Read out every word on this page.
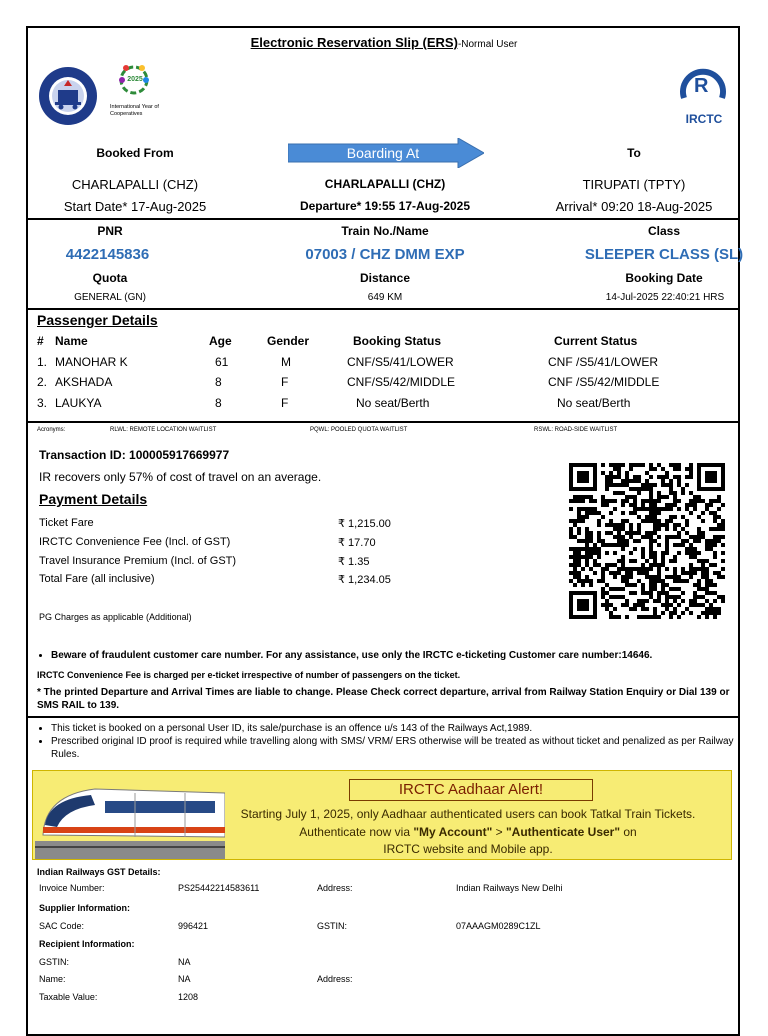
Electronic Reservation Slip (ERS)-Normal User
2025
International Year of Cooperatives
R
IRCTC
Booked From	Boarding At	To
CHARLAPALLI (CHZ)	CHARLAPALLI (CHZ)	TIRUPATI (TPTY)
Start Date* 17-Aug-2025	Departure* 19:55 17-Aug-2025	Arrival* 09:20 18-Aug-2025
PNR	Train No./Name	Class
4422145836	07003 / CHZ DMM EXP	SLEEPER CLASS (SL)
Quota	Distance	Booking Date
GENERAL (GN)	649 KM	14-Jul-2025 22:40:21 HRS
Passenger Details
# Name	Age	Gender	Booking Status	Current Status
1. MANOHAR K	61	M	CNF/S5/41/LOWER	CNF /S5/41/LOWER
2. AKSHADA	8	F	CNF/S5/42/MIDDLE	CNF /S5/42/MIDDLE
3. LAUKYA	8	F	No seat/Berth	No seat/Berth
Acronyms:	RLWL: REMOTE LOCATION WAITLIST	PQWL: POOLED QUOTA WAITLIST	RSWL: ROAD-SIDE WAITLIST
Transaction ID: 100005917669977
IR recovers only 57% of cost of travel on an average.
Payment Details
Ticket Fare	₹ 1,215.00
IRCTC Convenience Fee (Incl. of GST)	₹ 17.70
Travel Insurance Premium (Incl. of GST)	₹ 1.35
Total Fare (all inclusive)	₹ 1,234.05
PG Charges as applicable (Additional)
• Beware of fraudulent customer care number. For any assistance, use only the IRCTC e-ticketing Customer care number:14646.
IRCTC Convenience Fee is charged per e-ticket irrespective of number of passengers on the ticket.
* The printed Departure and Arrival Times are liable to change. Please Check correct departure, arrival from Railway Station Enquiry or Dial 139 or SMS RAIL to 139.
• This ticket is booked on a personal User ID, its sale/purchase is an offence u/s 143 of the Railways Act,1989.
• Prescribed original ID proof is required while travelling along with SMS/ VRM/ ERS otherwise will be treated as without ticket and penalized as per Railway Rules.
IRCTC Aadhaar Alert!
Starting July 1, 2025, only Aadhaar authenticated users can book Tatkal Train Tickets.
Authenticate now via "My Account" > "Authenticate User" on
IRCTC website and Mobile app.
Indian Railways GST Details:
Invoice Number:	PS25442214583611	Address:	Indian Railways New Delhi
Supplier Information:
SAC Code:	996421	GSTIN:	07AAAGM0289C1ZL
Recipient Information:
GSTIN:	NA
Name:	NA	Address:
Taxable Value:	1208
